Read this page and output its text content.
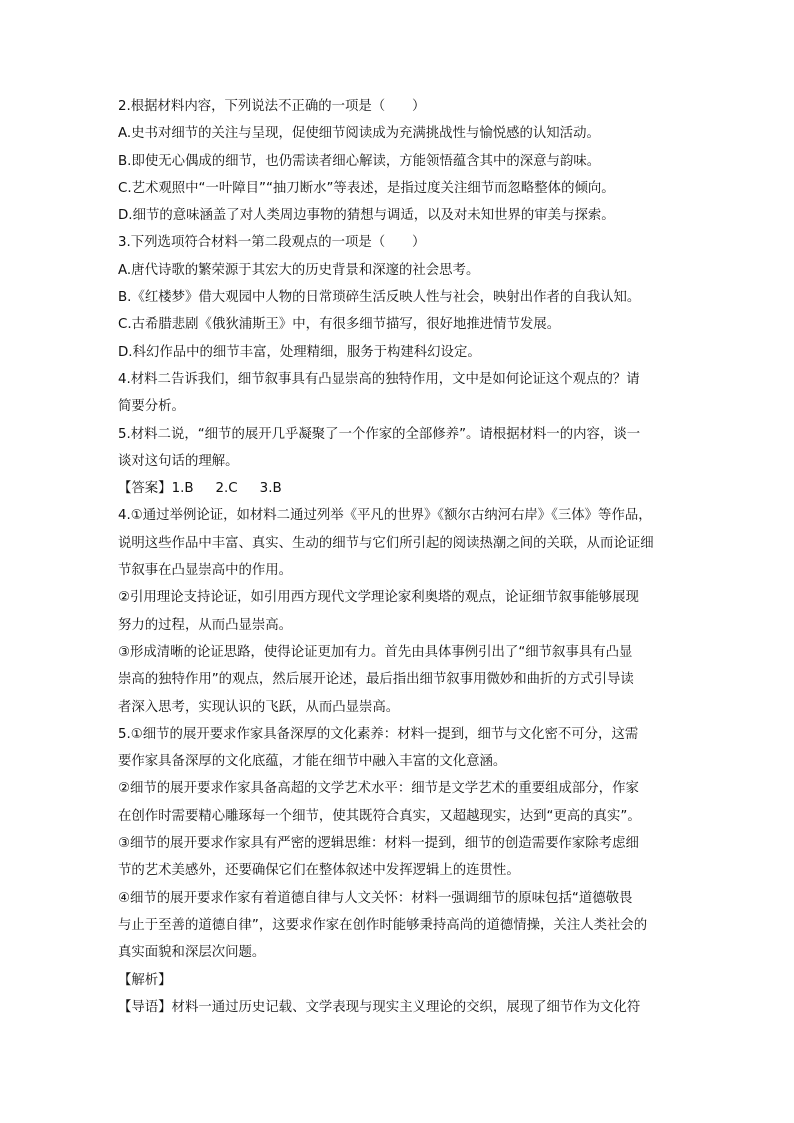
2.根据材料内容，下列说法不正确的一项是（　　）
A.史书对细节的关注与呈现，促使细节阅读成为充满挑战性与愉悦感的认知活动。
B.即使无心偶成的细节，也仍需读者细心解读，方能领悟蕴含其中的深意与韵味。
C.艺术观照中“一叶障目”“抽刀断水”等表述，是指过度关注细节而忽略整体的倾向。
D.细节的意味涵盖了对人类周边事物的猜想与调适，以及对未知世界的审美与探索。
3.下列选项符合材料一第二段观点的一项是（　　）
A.唐代诗歌的繁荣源于其宏大的历史背景和深邃的社会思考。
B.《红楼梦》借大观园中人物的日常琐碎生活反映人性与社会，映射出作者的自我认知。
C.古希腊悲剧《俄狄浦斯王》中，有很多细节描写，很好地推进情节发展。
D.科幻作品中的细节丰富，处理精细，服务于构建科幻设定。
4.材料二告诉我们，细节叙事具有凸显崇高的独特作用，文中是如何论证这个观点的？请
简要分析。
5.材料二说，“细节的展开几乎凝聚了一个作家的全部修养”。请根据材料一的内容，谈一
谈对这句话的理解。
【答案】1.B 2.C 3.B
4.①通过举例论证，如材料二通过列举《平凡的世界》《额尔古纳河右岸》《三体》等作品，
说明这些作品中丰富、真实、生动的细节与它们所引起的阅读热潮之间的关联，从而论证细
节叙事在凸显崇高中的作用。
②引用理论支持论证，如引用西方现代文学理论家利奥塔的观点，论证细节叙事能够展现
努力的过程，从而凸显崇高。
③形成清晰的论证思路，使得论证更加有力。首先由具体事例引出了“细节叙事具有凸显
崇高的独特作用”的观点，然后展开论述，最后指出细节叙事用微妙和曲折的方式引导读
者深入思考，实现认识的飞跃，从而凸显崇高。
5.①细节的展开要求作家具备深厚的文化素养：材料一提到，细节与文化密不可分，这需
要作家具备深厚的文化底蕴，才能在细节中融入丰富的文化意涵。
②细节的展开要求作家具备高超的文学艺术水平：细节是文学艺术的重要组成部分，作家
在创作时需要精心雕琢每一个细节，使其既符合真实，又超越现实，达到“更高的真实”。
③细节的展开要求作家具有严密的逻辑思维：材料一提到，细节的创造需要作家除考虑细
节的艺术美感外，还要确保它们在整体叙述中发挥逻辑上的连贯性。
④细节的展开要求作家有着道德自律与人文关怀：材料一强调细节的原味包括“道德敬畏
与止于至善的道德自律”，这要求作家在创作时能够秉持高尚的道德情操，关注人类社会的
真实面貌和深层次问题。
【解析】
【导语】材料一通过历史记载、文学表现与现实主义理论的交织，展现了细节作为文化符
